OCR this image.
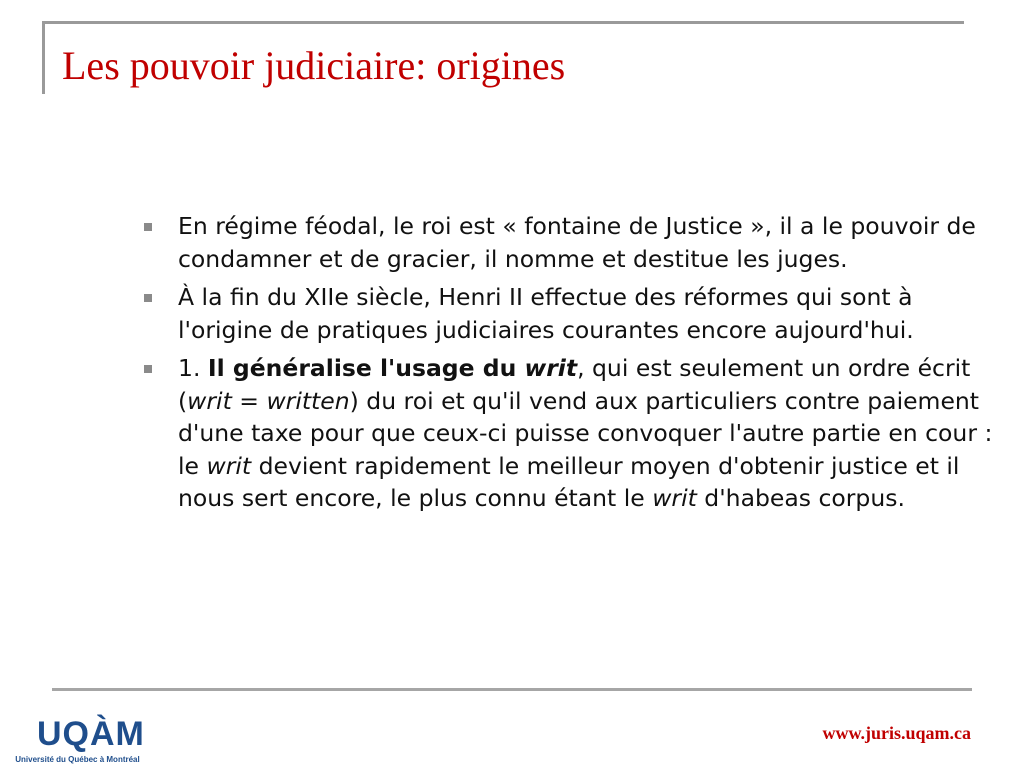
Les pouvoir judiciaire: origines
En régime féodal, le roi est « fontaine de Justice », il a le pouvoir de condamner et de gracier, il nomme et destitue les juges.
À la fin du XIIe siècle, Henri II effectue des réformes qui sont à l'origine de pratiques judiciaires courantes encore aujourd'hui.
1. Il généralise l'usage du writ, qui est seulement un ordre écrit (writ = written) du roi et qu'il vend aux particuliers contre paiement d'une taxe pour que ceux-ci puisse convoquer l'autre partie en cour : le writ devient rapidement le meilleur moyen d'obtenir justice et il nous sert encore, le plus connu étant le writ d'habeas corpus.

UQÀM

Université du Québec à Montréal

www.juris.uqam.ca
